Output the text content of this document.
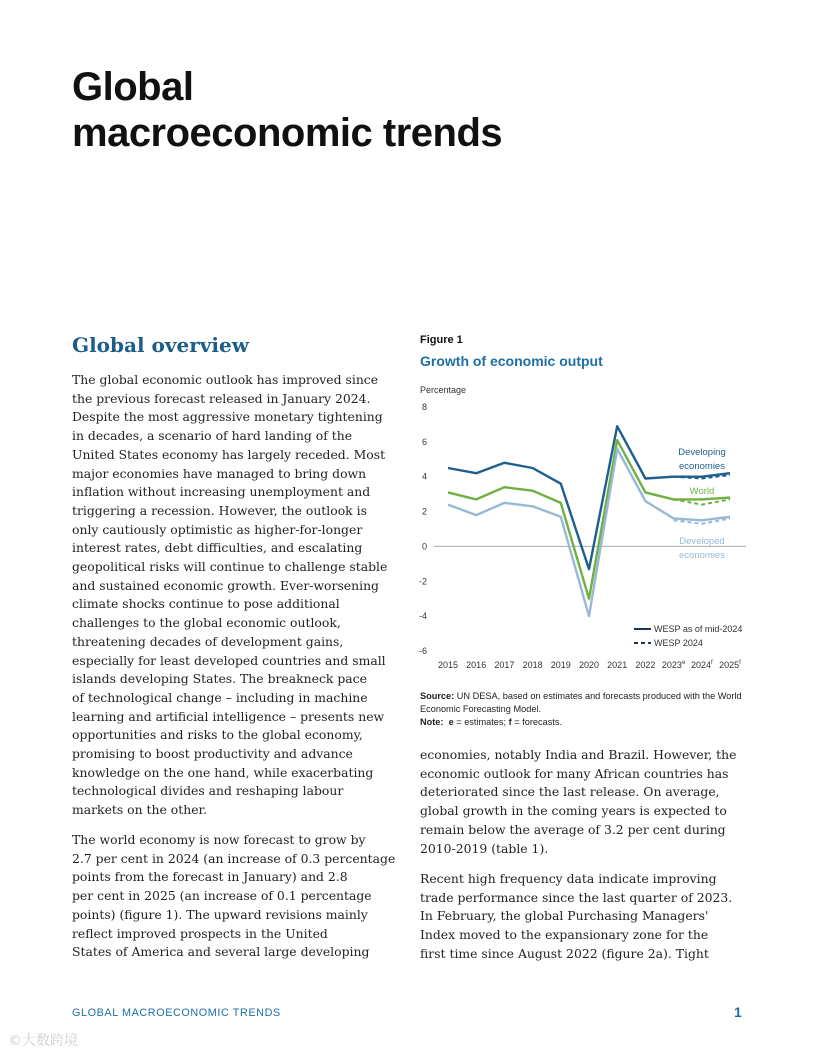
Global
macroeconomic trends
Global overview
The global economic outlook has improved since
the previous forecast released in January 2024.
Despite the most aggressive monetary tightening
in decades, a scenario of hard landing of the
United States economy has largely receded. Most
major economies have managed to bring down
inflation without increasing unemployment and
triggering a recession. However, the outlook is
only cautiously optimistic as higher-for-longer
interest rates, debt difficulties, and escalating
geopolitical risks will continue to challenge stable
and sustained economic growth. Ever-worsening
climate shocks continue to pose additional
challenges to the global economic outlook,
threatening decades of development gains,
especially for least developed countries and small
islands developing States. The breakneck pace
of technological change – including in machine
learning and artificial intelligence – presents new
opportunities and risks to the global economy,
promising to boost productivity and advance
knowledge on the one hand, while exacerbating
technological divides and reshaping labour
markets on the other.
The world economy is now forecast to grow by
2.7 per cent in 2024 (an increase of 0.3 percentage
points from the forecast in January) and 2.8
per cent in 2025 (an increase of 0.1 percentage
points) (figure 1). The upward revisions mainly
reflect improved prospects in the United
States of America and several large developing
economies, notably India and Brazil. However, the
economic outlook for many African countries has
deteriorated since the last release. On average,
global growth in the coming years is expected to
remain below the average of 3.2 per cent during
2010-2019 (table 1).
Recent high frequency data indicate improving
trade performance since the last quarter of 2023.
In February, the global Purchasing Managers'
Index moved to the expansionary zone for the
first time since August 2022 (figure 2a). Tight
Figure 1
Growth of economic output
Percentage
8
6
4
2
0
-2
-4
-6
2015 2016 2017 2018 2019 2020 2021 2022 2023e 2024$^f$ 2025$^f$
Developing
economies
World
Developed
economies
WESP as of mid-2024
WESP 2024
Source: UN DESA, based on estimates and forecasts produced with the World Economic Forecasting Model.
Note: e = estimates; f = forecasts.
GLOBAL MACROECONOMIC TRENDS	1
©大数跨境
